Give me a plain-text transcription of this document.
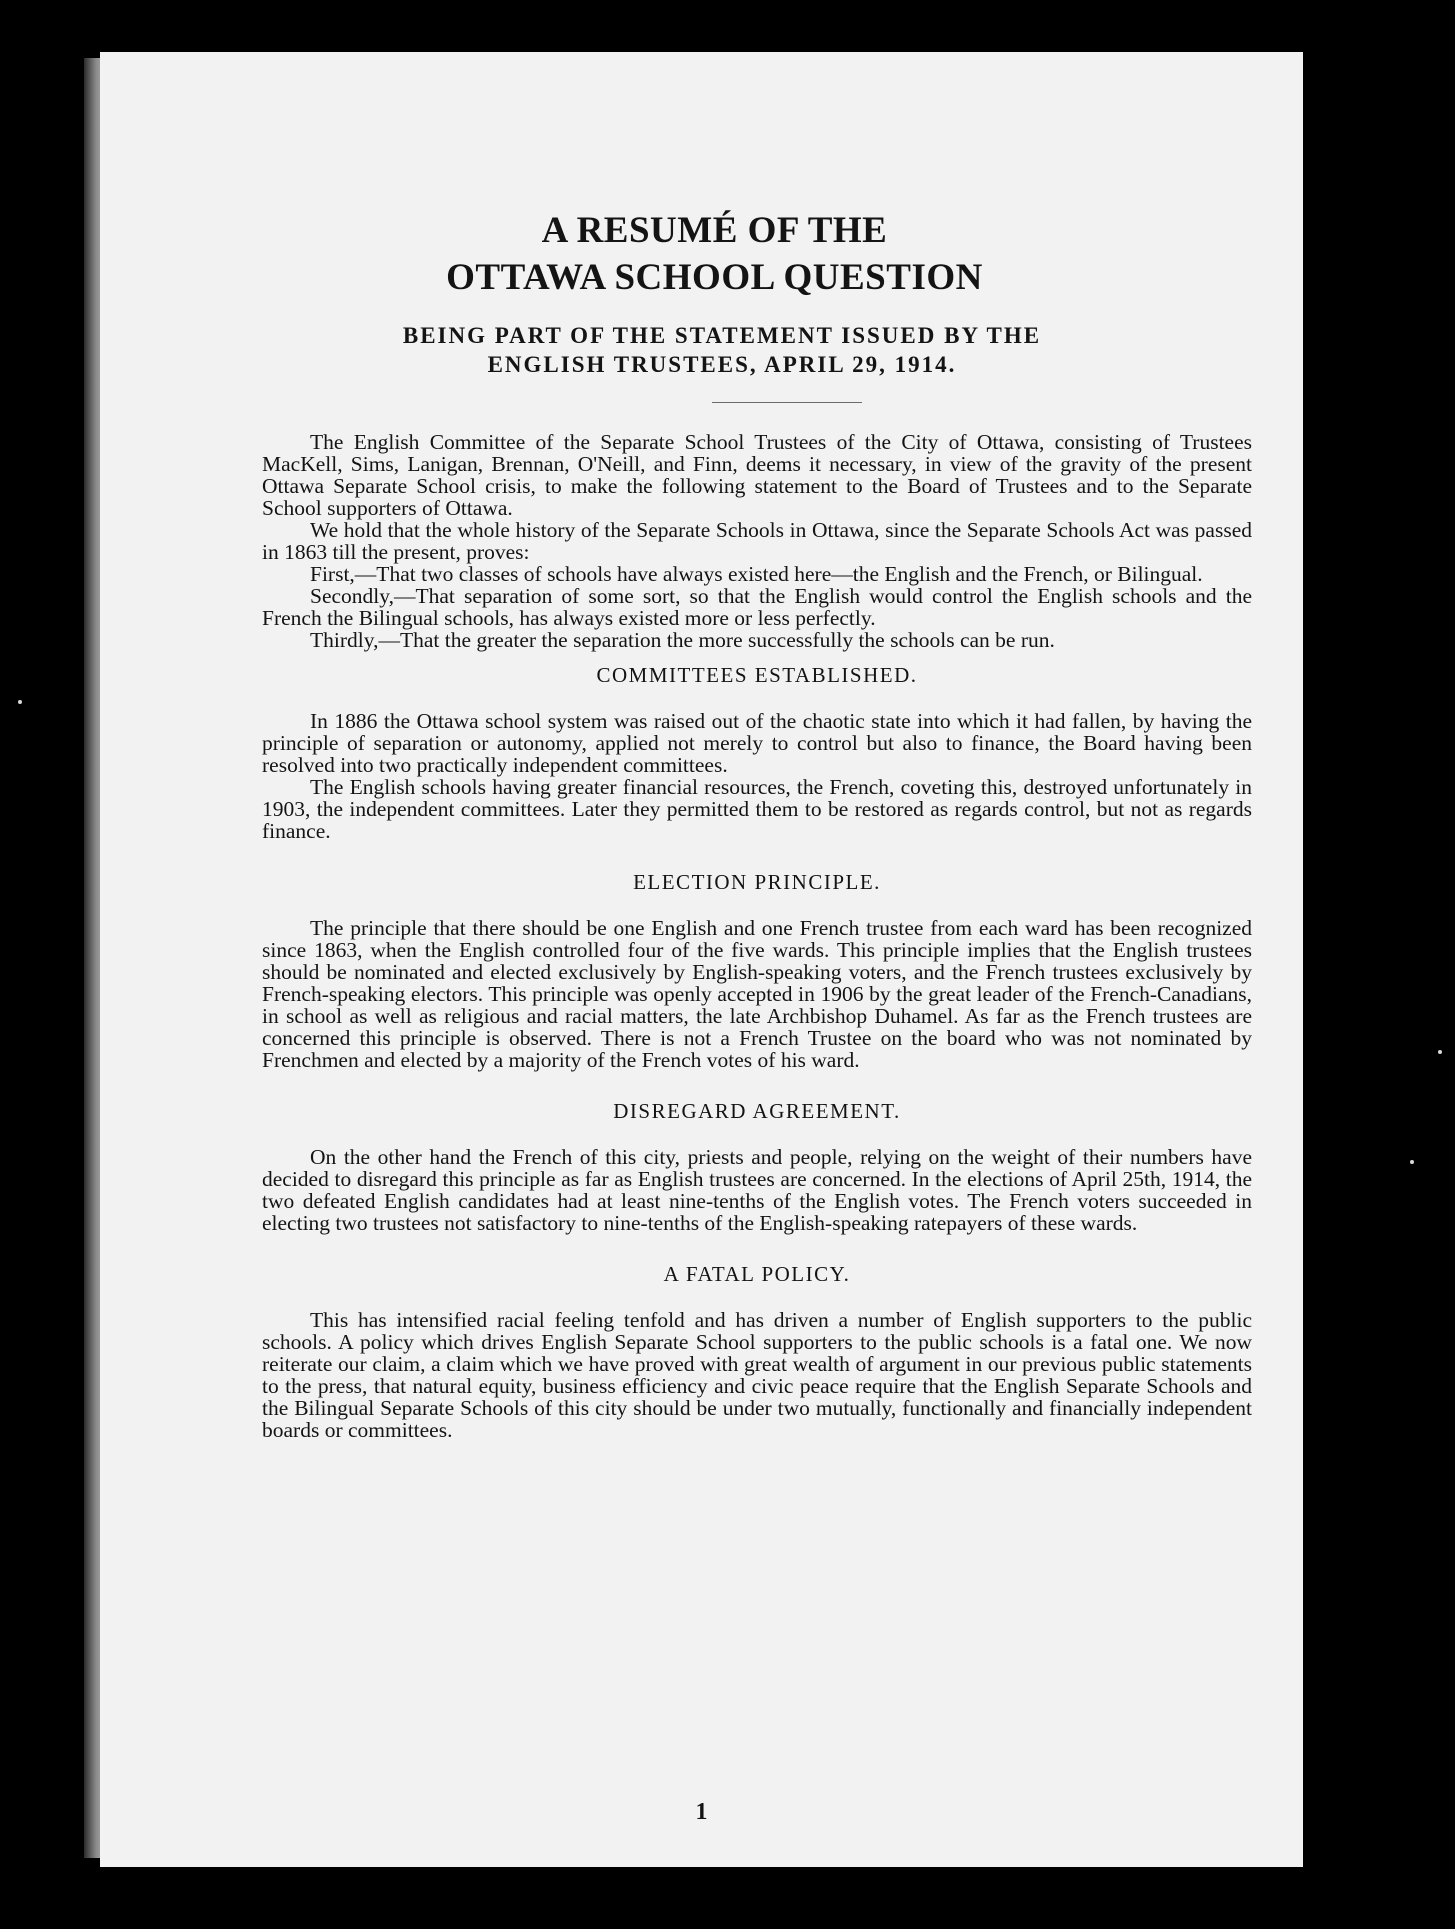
A RESUMÉ OF THE
OTTAWA SCHOOL QUESTION
BEING PART OF THE STATEMENT ISSUED BY THE
ENGLISH TRUSTEES, APRIL 29, 1914.

The English Committee of the Separate School Trustees of the City of Ottawa, consisting of Trustees MacKell, Sims, Lanigan, Brennan, O'Neill, and Finn, deems it necessary, in view of the gravity of the present Ottawa Separate School crisis, to make the following statement to the Board of Trustees and to the Separate School supporters of Ottawa.

We hold that the whole history of the Separate Schools in Ottawa, since the Separate Schools Act was passed in 1863 till the present, proves:

First,—That two classes of schools have always existed here—the English and the French, or Bilingual.

Secondly,—That separation of some sort, so that the English would control the English schools and the French the Bilingual schools, has always existed more or less perfectly.

Thirdly,—That the greater the separation the more successfully the schools can be run.

COMMITTEES ESTABLISHED.

In 1886 the Ottawa school system was raised out of the chaotic state into which it had fallen, by having the principle of separation or autonomy, applied not merely to control but also to finance, the Board having been resolved into two practically independent committees.

The English schools having greater financial resources, the French, coveting this, destroyed unfortunately in 1903, the independent committees. Later they permitted them to be restored as regards control, but not as regards finance.

ELECTION PRINCIPLE.

The principle that there should be one English and one French trustee from each ward has been recognized since 1863, when the English controlled four of the five wards. This principle implies that the English trustees should be nominated and elected exclusively by English-speaking voters, and the French trustees exclusively by French-speaking electors. This principle was openly accepted in 1906 by the great leader of the French-Canadians, in school as well as religious and racial matters, the late Archbishop Duhamel. As far as the French trustees are concerned this principle is observed. There is not a French Trustee on the board who was not nominated by Frenchmen and elected by a majority of the French votes of his ward.

DISREGARD AGREEMENT.

On the other hand the French of this city, priests and people, relying on the weight of their numbers have decided to disregard this principle as far as English trustees are concerned. In the elections of April 25th, 1914, the two defeated English candidates had at least nine-tenths of the English votes. The French voters succeeded in electing two trustees not satisfactory to nine-tenths of the English-speaking ratepayers of these wards.

A FATAL POLICY.

This has intensified racial feeling tenfold and has driven a number of English supporters to the public schools. A policy which drives English Separate School supporters to the public schools is a fatal one. We now reiterate our claim, a claim which we have proved with great wealth of argument in our previous public statements to the press, that natural equity, business efficiency and civic peace require that the English Separate Schools and the Bilingual Separate Schools of this city should be under two mutually, functionally and financially independent boards or committees.

1
